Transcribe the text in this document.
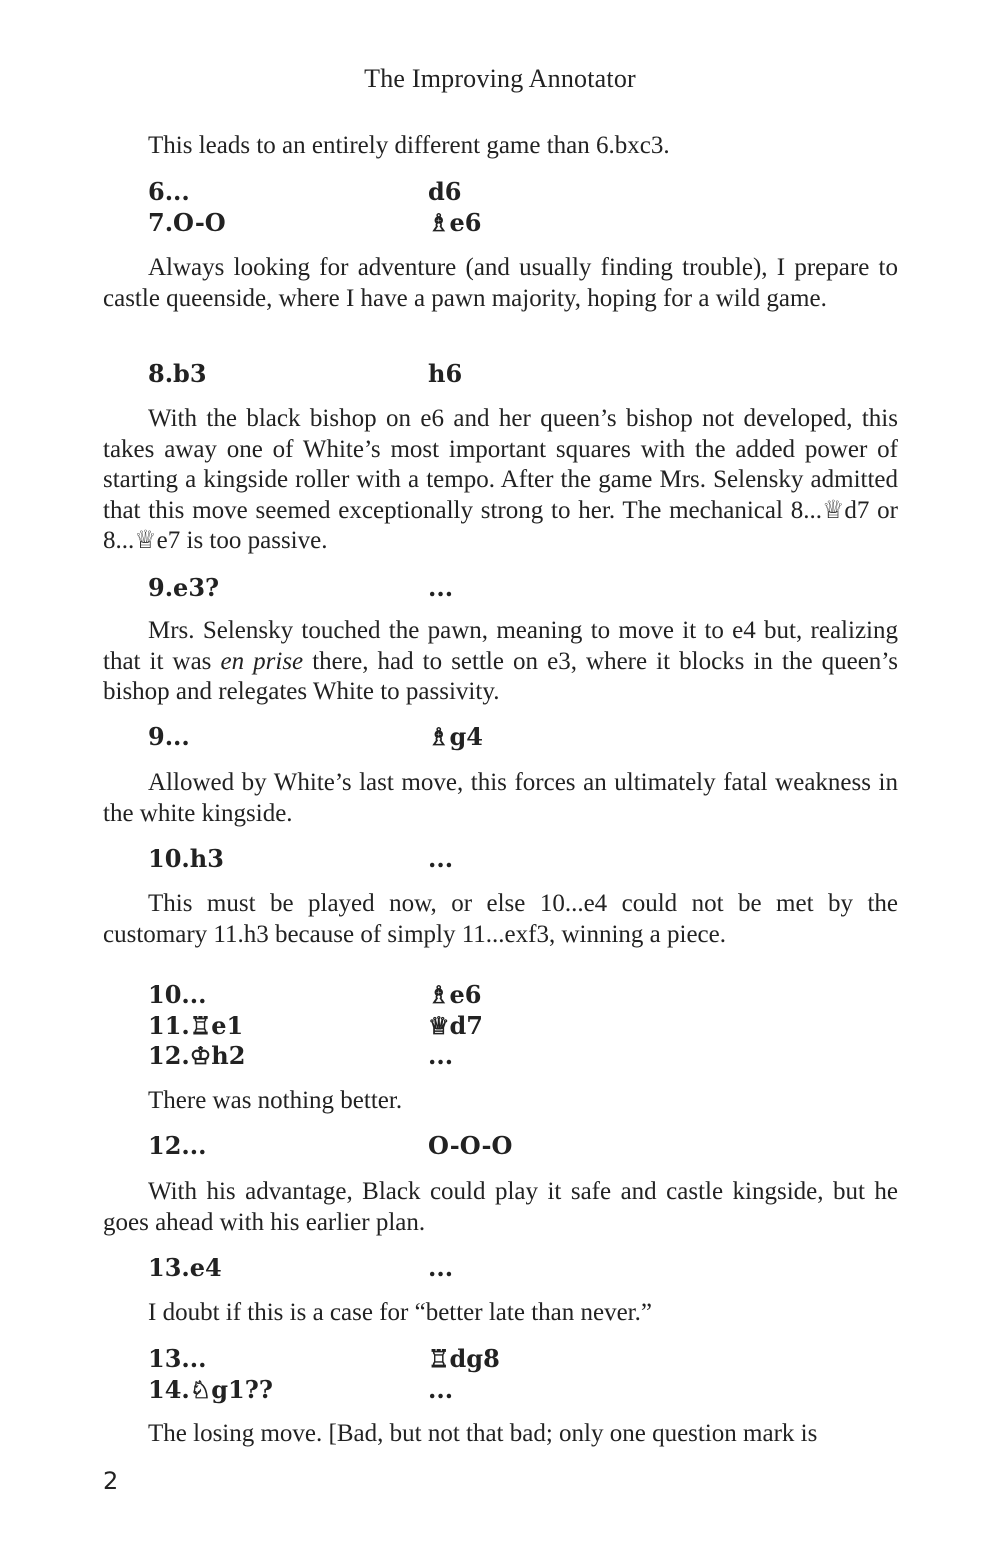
The Improving Annotator

This leads to an entirely different game than 6.bxc3.

6...	d6
7.O-O	♗e6

Always looking for adventure (and usually finding trouble), I prepare to castle queenside, where I have a pawn majority, hoping for a wild game.

8.b3	h6

With the black bishop on e6 and her queen’s bishop not developed, this takes away one of White’s most important squares with the added power of starting a kingside roller with a tempo. After the game Mrs. Selensky admitted that this move seemed exceptionally strong to her. The mechanical 8...♕d7 or 8...♕e7 is too passive.

9.e3?	...

Mrs. Selensky touched the pawn, meaning to move it to e4 but, realizing that it was en prise there, had to settle on e3, where it blocks in the queen’s bishop and relegates White to passivity.

9...	♗g4

Allowed by White’s last move, this forces an ultimately fatal weakness in the white kingside.

10.h3	...

This must be played now, or else 10...e4 could not be met by the customary 11.h3 because of simply 11...exf3, winning a piece.

10...	♗e6
11.♖e1	♕d7
12.♔h2	...

There was nothing better.

12...	O-O-O

With his advantage, Black could play it safe and castle kingside, but he goes ahead with his earlier plan.

13.e4	...

I doubt if this is a case for “better late than never.”

13...	♖dg8
14.♘g1??	...

The losing move. [Bad, but not that bad; only one question mark is

2
